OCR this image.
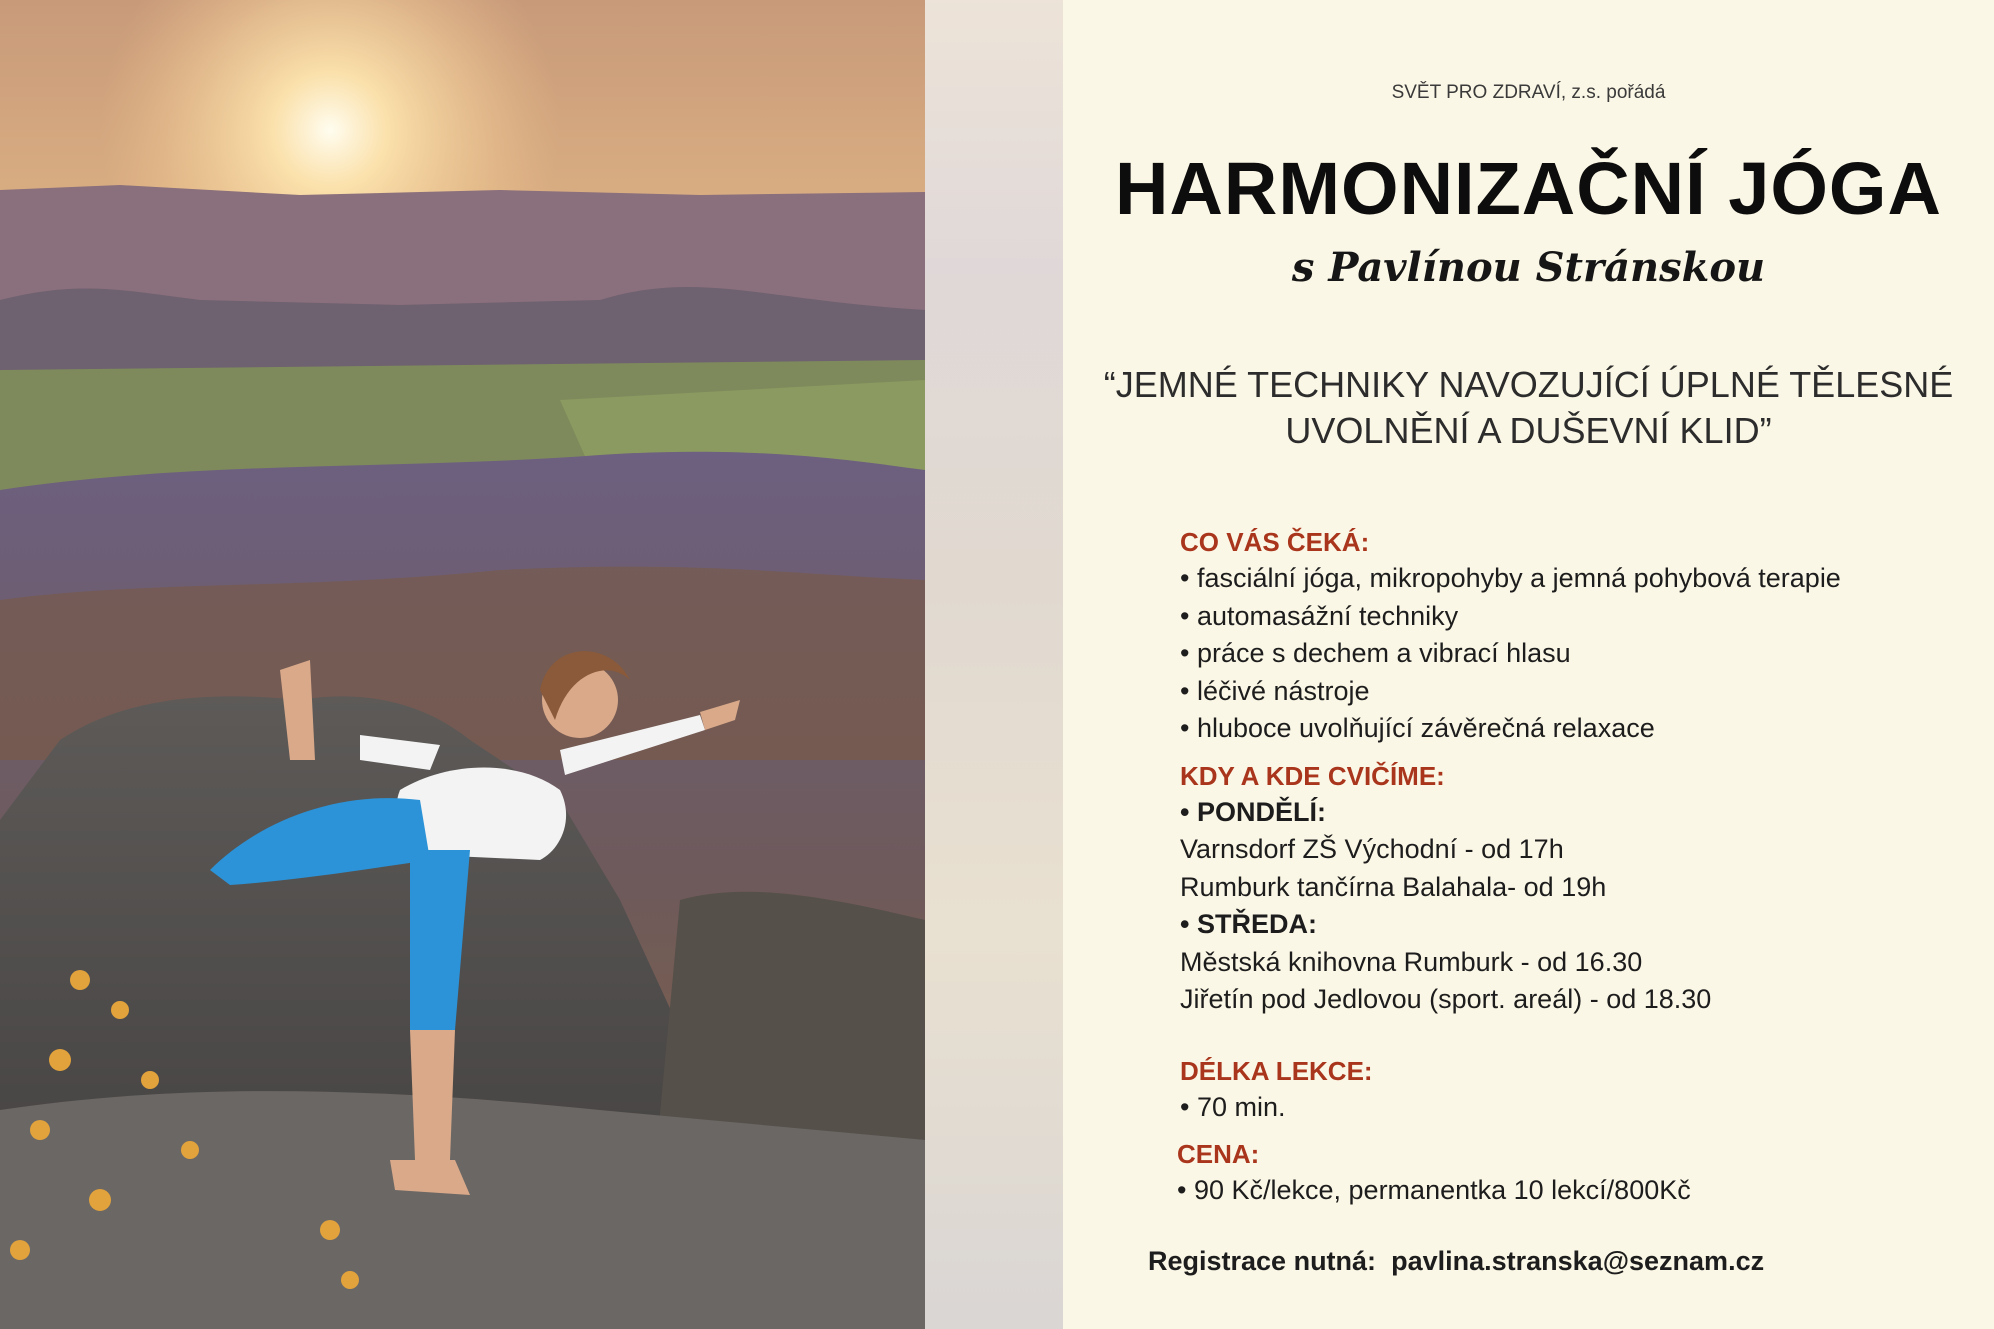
SVĚT PRO ZDRAVÍ, z.s. pořádá
HARMONIZAČNÍ JÓGA
s Pavlínou Stránskou
“JEMNÉ TECHNIKY NAVOZUJÍCÍ ÚPLNÉ TĚLESNÉ
UVOLNĚNÍ A DUŠEVNÍ KLID”
CO VÁS ČEKÁ:
• fasciální jóga, mikropohyby a jemná pohybová terapie
• automasážní techniky
• práce s dechem a vibrací hlasu
• léčivé nástroje
• hluboce uvolňující závěrečná relaxace
KDY A KDE CVIČÍME:
• PONDĚLÍ:
Varnsdorf ZŠ Východní - od 17h
Rumburk tančírna Balahala- od 19h
• STŘEDA:
Městská knihovna Rumburk - od 16.30
Jiřetín pod Jedlovou (sport. areál) - od 18.30
DÉLKA LEKCE:
• 70 min.
CENA:
• 90 Kč/lekce, permanentka 10 lekcí/800Kč
Registrace nutná: pavlina.stranska@seznam.cz
